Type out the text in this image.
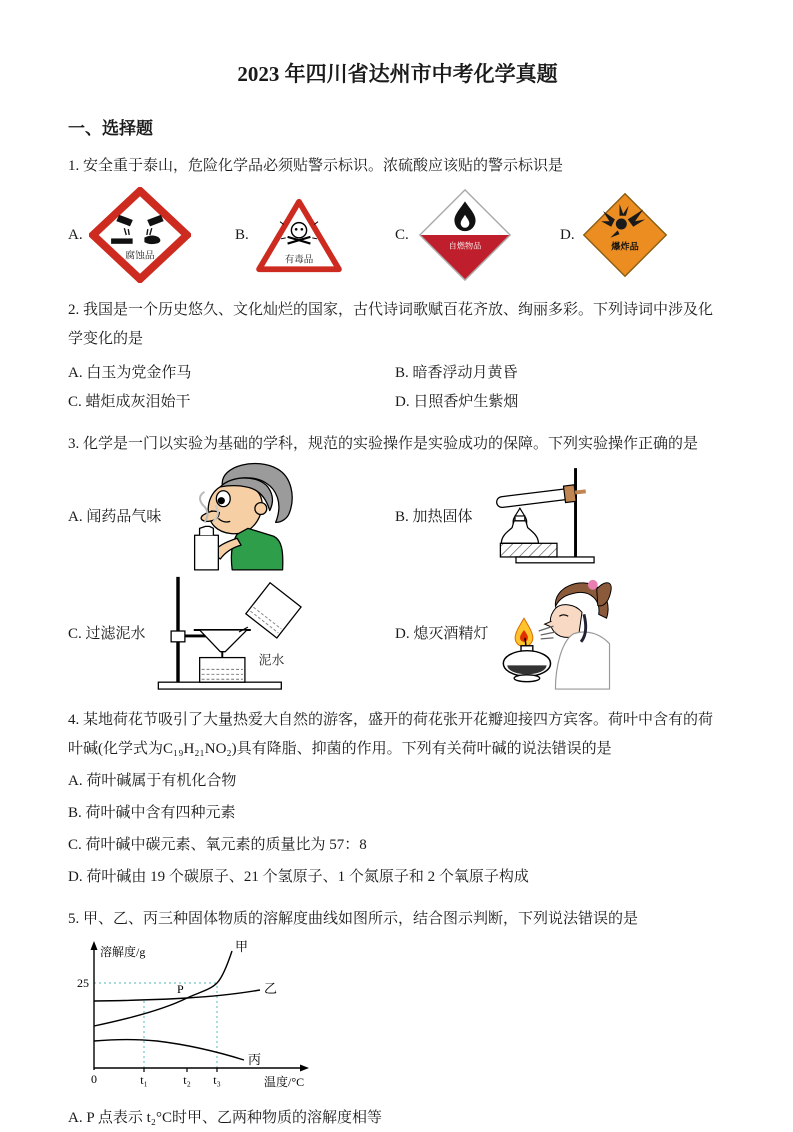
2023 年四川省达州市中考化学真题
一、选择题

1. 安全重于泰山，危险化学品必须贴警示标识。浓硫酸应该贴的警示标识是

A.
腐蚀品
B.
有毒品
C.
自燃物品
D.
爆炸品

2. 我国是一个历史悠久、文化灿烂的国家，古代诗词歌赋百花齐放、绚丽多彩。下列诗词中涉及化学变化的是

A. 白玉为党金作马	B. 暗香浮动月黄昏
C. 蜡炬成灰泪始干	D. 日照香炉生紫烟

3. 化学是一门以实验为基础的学科，规范的实验操作是实验成功的保障。下列实验操作正确的是

A. 闻药品气味	B. 加热固体
C. 过滤泥水
泥水
D. 熄灭酒精灯

4. 某地荷花节吸引了大量热爱大自然的游客，盛开的荷花张开花瓣迎接四方宾客。荷叶中含有的荷叶碱(化学式为C₁₉H₂₁NO₂)具有降脂、抑菌的作用。下列有关荷叶碱的说法错误的是

A. 荷叶碱属于有机化合物

B. 荷叶碱中含有四种元素

C. 荷叶碱中碳元素、氧元素的质量比为 57：8

D. 荷叶碱由 19 个碳原子、21 个氢原子、1 个氮原子和 2 个氧原子构成

5. 甲、乙、丙三种固体物质的溶解度曲线如图所示，结合图示判断，下列说法错误的是

溶解度/g
25
0	t₁	t₂ t₃	温度/°C
甲
乙
丙
P

A. P 点表示 t₂°C时甲、乙两种物质的溶解度相等
